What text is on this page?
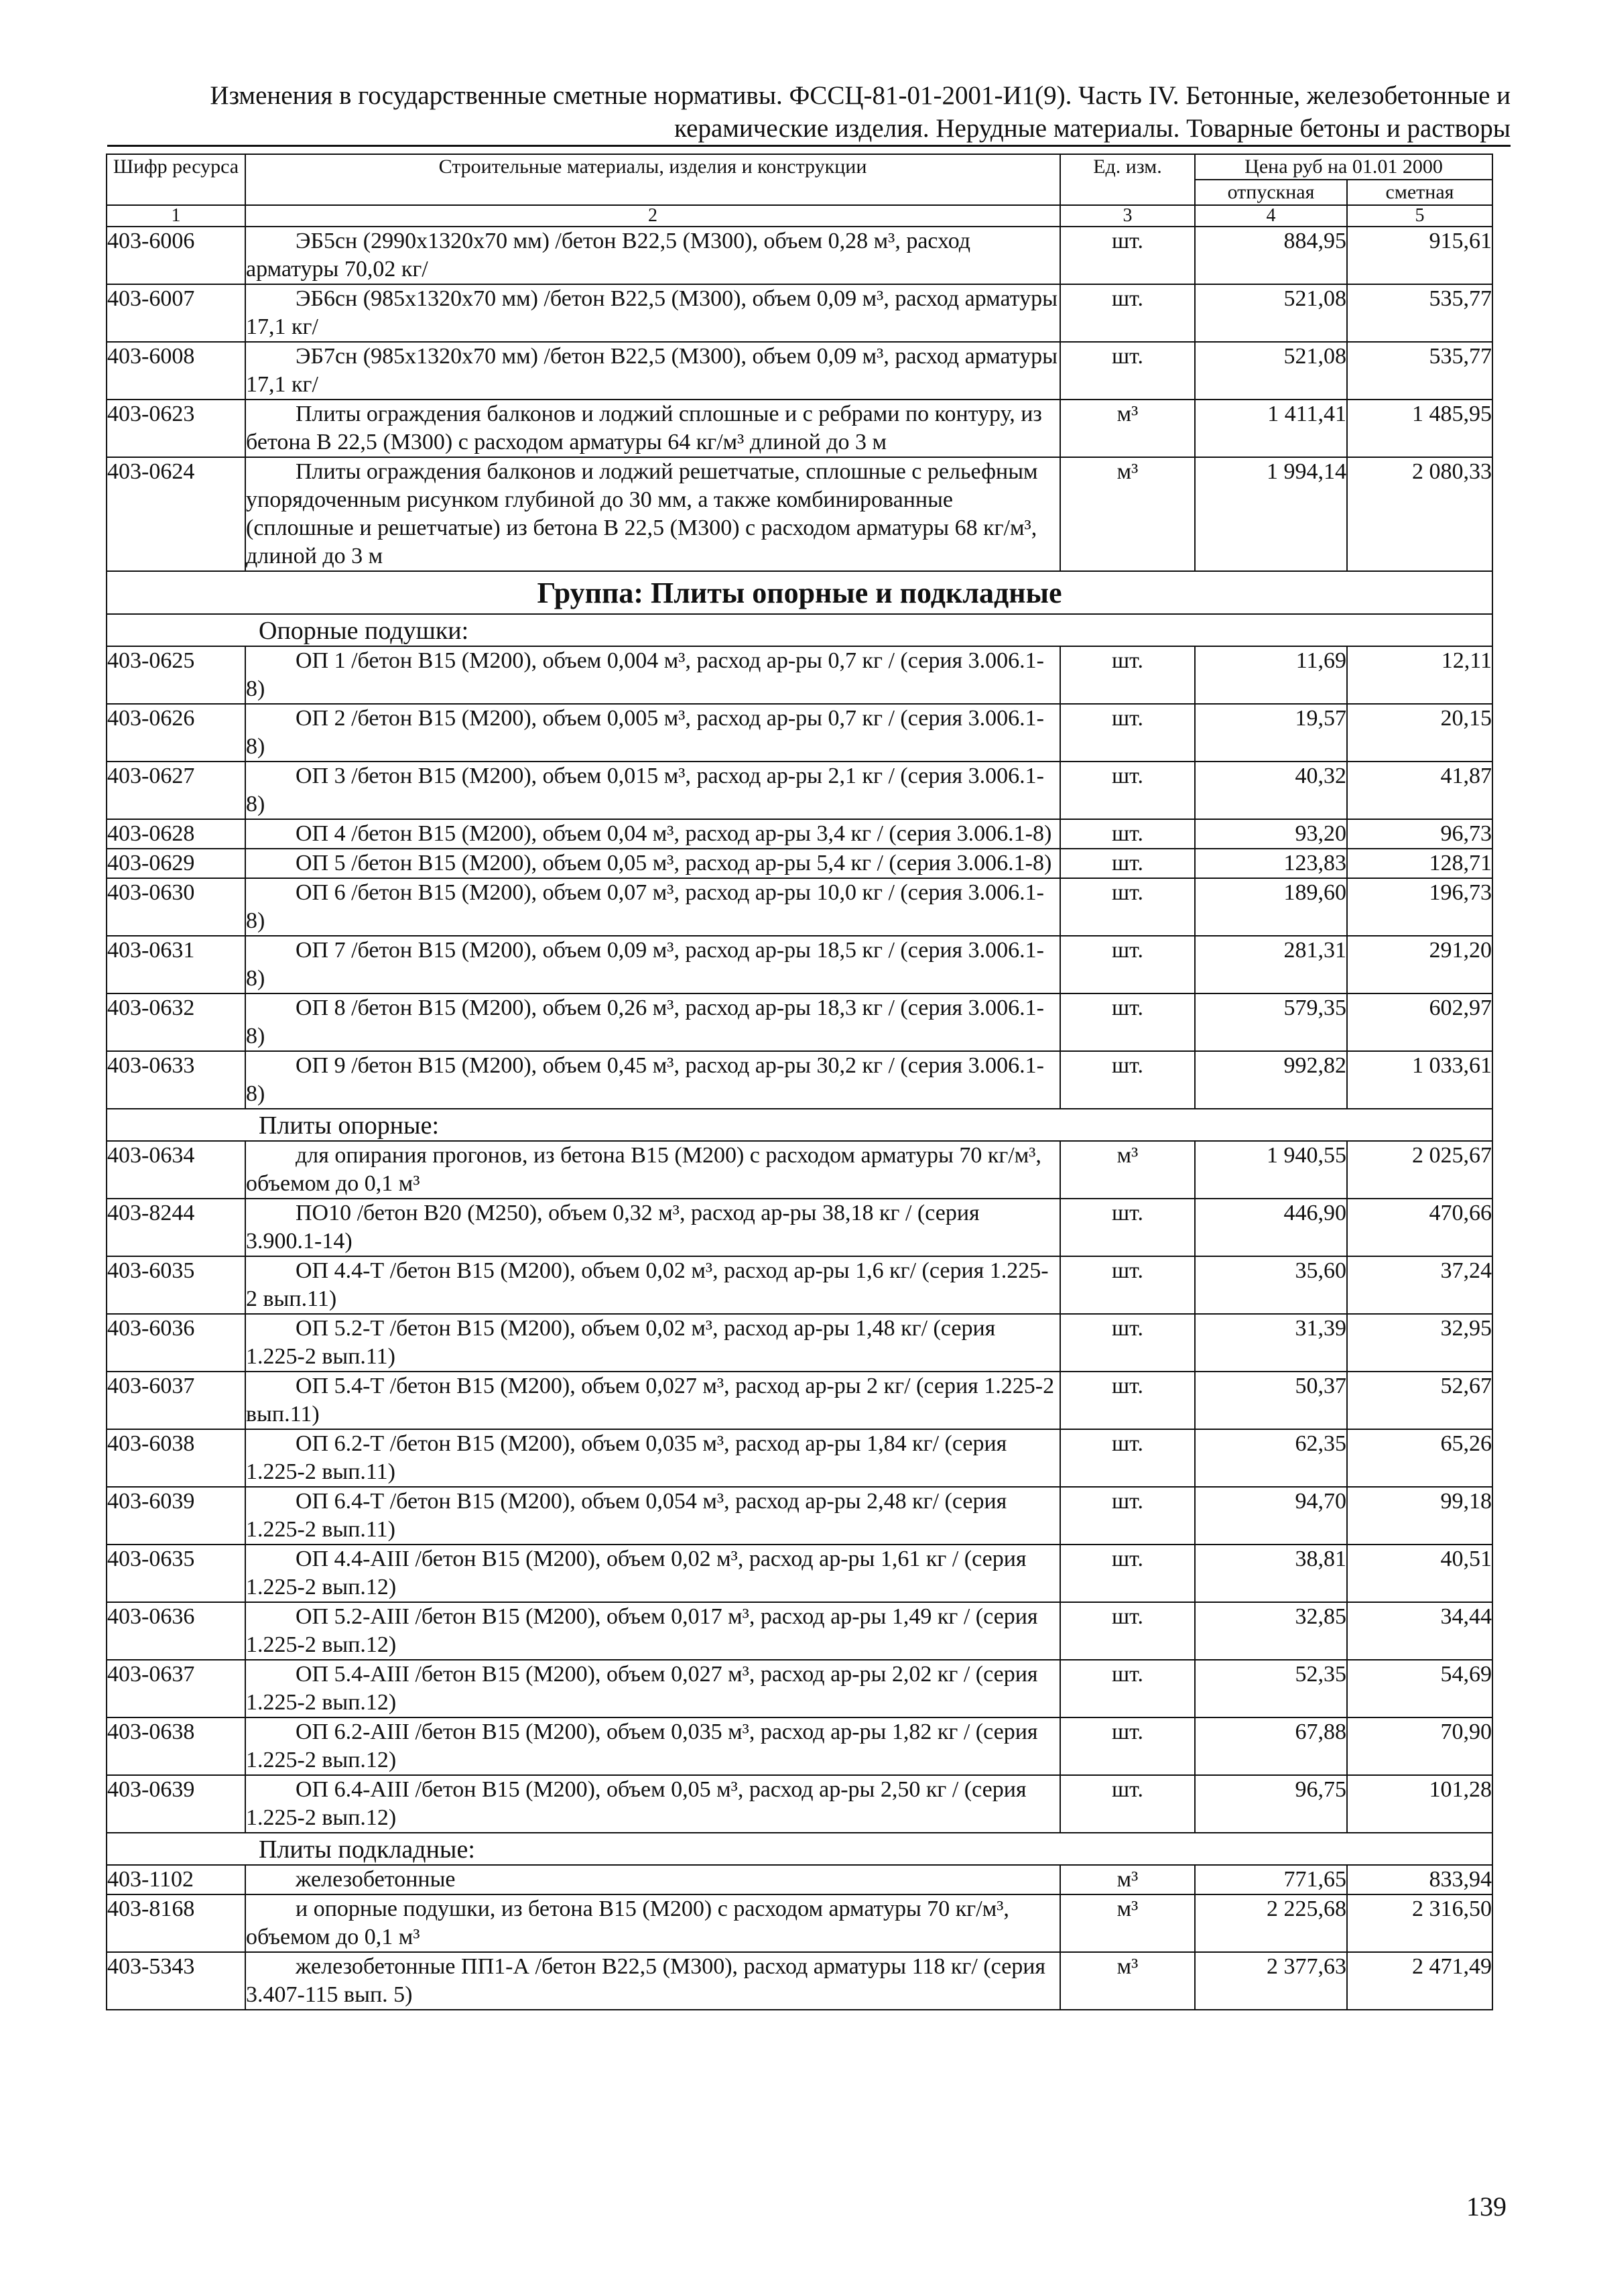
Изменения в государственные сметные нормативы. ФССЦ-81-01-2001-И1(9). Часть IV. Бетонные, железобетонные и
керамические изделия. Нерудные материалы. Товарные бетоны и растворы
Шифр ресурса	Строительные материалы, изделия и конструкции	Ед. изм.	Цена руб на 01.01 2000	
			отпускная	сметная
1	2	3	4	5
403-6006	ЭБ5сн (2990х1320х70 мм) /бетон В22,5 (М300), объем 0,28 м³, расход арматуры 70,02 кг/	шт.	884,95	915,61
403-6007	ЭБ6сн (985х1320х70 мм) /бетон В22,5 (М300), объем 0,09 м³, расход арматуры 17,1 кг/	шт.	521,08	535,77
403-6008	ЭБ7сн (985х1320х70 мм) /бетон В22,5 (М300), объем 0,09 м³, расход арматуры 17,1 кг/	шт.	521,08	535,77
403-0623	Плиты ограждения балконов и лоджий сплошные и с ребрами по контуру, из бетона В 22,5 (М300) с расходом арматуры 64 кг/м³ длиной до 3 м	м³	1 411,41	1 485,95
403-0624	Плиты ограждения балконов и лоджий решетчатые, сплошные с рельефным упорядоченным рисунком глубиной до 30 мм, а также комбинированные (сплошные и решетчатые) из бетона В 22,5 (М300) с расходом арматуры 68 кг/м³, длиной до 3 м	м³	1 994,14	2 080,33
Группа: Плиты опорные и подкладные				
Опорные подушки:				
403-0625	ОП 1 /бетон В15 (М200), объем 0,004 м³, расход ар-ры 0,7 кг / (серия 3.006.1-8)	шт.	11,69	12,11
403-0626	ОП 2 /бетон В15 (М200), объем 0,005 м³, расход ар-ры 0,7 кг / (серия 3.006.1-8)	шт.	19,57	20,15
403-0627	ОП 3 /бетон В15 (М200), объем 0,015 м³, расход ар-ры 2,1 кг / (серия 3.006.1-8)	шт.	40,32	41,87
403-0628	ОП 4 /бетон В15 (М200), объем 0,04 м³, расход ар-ры 3,4 кг / (серия 3.006.1-8)	шт.	93,20	96,73
403-0629	ОП 5 /бетон В15 (М200), объем 0,05 м³, расход ар-ры 5,4 кг / (серия 3.006.1-8)	шт.	123,83	128,71
403-0630	ОП 6 /бетон В15 (М200), объем 0,07 м³, расход ар-ры 10,0 кг / (серия 3.006.1-8)	шт.	189,60	196,73
403-0631	ОП 7 /бетон В15 (М200), объем 0,09 м³, расход ар-ры 18,5 кг / (серия 3.006.1-8)	шт.	281,31	291,20
403-0632	ОП 8 /бетон В15 (М200), объем 0,26 м³, расход ар-ры 18,3 кг / (серия 3.006.1-8)	шт.	579,35	602,97
403-0633	ОП 9 /бетон В15 (М200), объем 0,45 м³, расход ар-ры 30,2 кг / (серия 3.006.1-8)	шт.	992,82	1 033,61
Плиты опорные:				
403-0634	для опирания прогонов, из бетона В15 (М200) с расходом арматуры 70 кг/м³, объемом до 0,1 м³	м³	1 940,55	2 025,67
403-8244	ПО10 /бетон В20 (М250), объем 0,32 м³, расход ар-ры 38,18 кг / (серия 3.900.1-14)	шт.	446,90	470,66
403-6035	ОП 4.4-Т /бетон В15 (М200), объем 0,02 м³, расход ар-ры 1,6 кг/ (серия 1.225-2 вып.11)	шт.	35,60	37,24
403-6036	ОП 5.2-Т /бетон В15 (М200), объем 0,02 м³, расход ар-ры 1,48 кг/ (серия 1.225-2 вып.11)	шт.	31,39	32,95
403-6037	ОП 5.4-Т /бетон В15 (М200), объем 0,027 м³, расход ар-ры 2 кг/ (серия 1.225-2 вып.11)	шт.	50,37	52,67
403-6038	ОП 6.2-Т /бетон В15 (М200), объем 0,035 м³, расход ар-ры 1,84 кг/ (серия 1.225-2 вып.11)	шт.	62,35	65,26
403-6039	ОП 6.4-Т /бетон В15 (М200), объем 0,054 м³, расход ар-ры 2,48 кг/ (серия 1.225-2 вып.11)	шт.	94,70	99,18
403-0635	ОП 4.4-АIII /бетон В15 (М200), объем 0,02 м³, расход ар-ры 1,61 кг / (серия 1.225-2 вып.12)	шт.	38,81	40,51
403-0636	ОП 5.2-АIII /бетон В15 (М200), объем 0,017 м³, расход ар-ры 1,49 кг / (серия 1.225-2 вып.12)	шт.	32,85	34,44
403-0637	ОП 5.4-АIII /бетон В15 (М200), объем 0,027 м³, расход ар-ры 2,02 кг / (серия 1.225-2 вып.12)	шт.	52,35	54,69
403-0638	ОП 6.2-АIII /бетон В15 (М200), объем 0,035 м³, расход ар-ры 1,82 кг / (серия 1.225-2 вып.12)	шт.	67,88	70,90
403-0639	ОП 6.4-АIII /бетон В15 (М200), объем 0,05 м³, расход ар-ры 2,50 кг / (серия 1.225-2 вып.12)	шт.	96,75	101,28
Плиты подкладные:				
403-1102	железобетонные	м³	771,65	833,94
403-8168	и опорные подушки, из бетона В15 (М200) с расходом арматуры 70 кг/м³, объемом до 0,1 м³	м³	2 225,68	2 316,50
403-5343	железобетонные ПП1-А /бетон В22,5 (М300), расход арматуры 118 кг/ (серия 3.407-115 вып. 5)	м³	2 377,63	2 471,49
139
